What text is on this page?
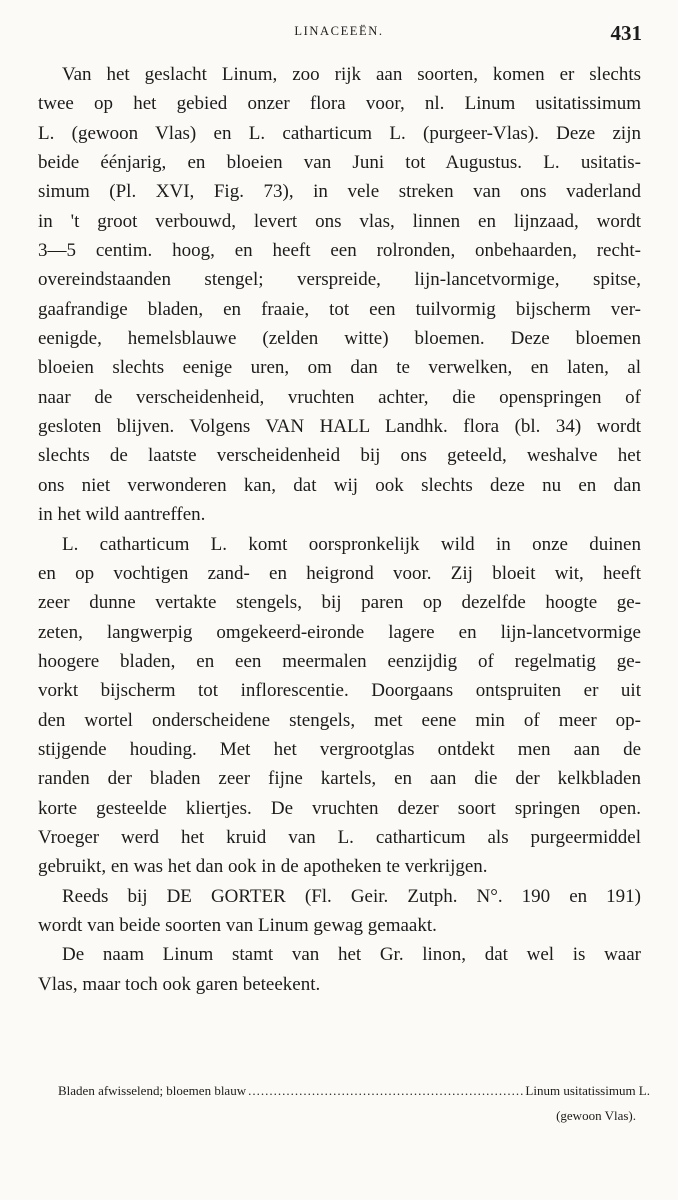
LINACEEËN.	431
Van het geslacht Linum, zoo rijk aan soorten, komen er slechts
twee op het gebied onzer flora voor, nl. Linum usitatissimum
L. (gewoon Vlas) en L. catharticum L. (purgeer-Vlas). Deze zijn
beide éénjarig, en bloeien van Juni tot Augustus. L. usitatis-
simum (Pl. XVI, Fig. 73), in vele streken van ons vaderland
in 't groot verbouwd, levert ons vlas, linnen en lijnzaad, wordt
3—5 centim. hoog, en heeft een rolronden, onbehaarden, recht-
overeindstaanden stengel; verspreide, lijn-lancetvormige, spitse,
gaafrandige bladen, en fraaie, tot een tuilvormig bijscherm ver-
eenigde, hemelsblauwe (zelden witte) bloemen. Deze bloemen
bloeien slechts eenige uren, om dan te verwelken, en laten, al
naar de verscheidenheid, vruchten achter, die openspringen of
gesloten blijven. Volgens VAN HALL Landhk. flora (bl. 34) wordt
slechts de laatste verscheidenheid bij ons geteeld, weshalve het
ons niet verwonderen kan, dat wij ook slechts deze nu en dan
in het wild aantreffen.
L. catharticum L. komt oorspronkelijk wild in onze duinen
en op vochtigen zand- en heigrond voor. Zij bloeit wit, heeft
zeer dunne vertakte stengels, bij paren op dezelfde hoogte ge-
zeten, langwerpig omgekeerd-eironde lagere en lijn-lancetvormige
hoogere bladen, en een meermalen eenzijdig of regelmatig ge-
vorkt bijscherm tot inflorescentie. Doorgaans ontspruiten er uit
den wortel onderscheidene stengels, met eene min of meer op-
stijgende houding. Met het vergrootglas ontdekt men aan de
randen der bladen zeer fijne kartels, en aan die der kelkbladen
korte gesteelde kliertjes. De vruchten dezer soort springen open.
Vroeger werd het kruid van L. catharticum als purgeermiddel
gebruikt, en was het dan ook in de apotheken te verkrijgen.
Reeds bij DE GORTER (Fl. Geir. Zutph. N°. 190 en 191)
wordt van beide soorten van Linum gewag gemaakt.
De naam Linum stamt van het Gr. linon, dat wel is waar
Vlas, maar toch ook garen beteekent.
Bladen afwisselend; bloemen blauw
.....	Linum usitatissimum L.
(gewoon Vlas).
